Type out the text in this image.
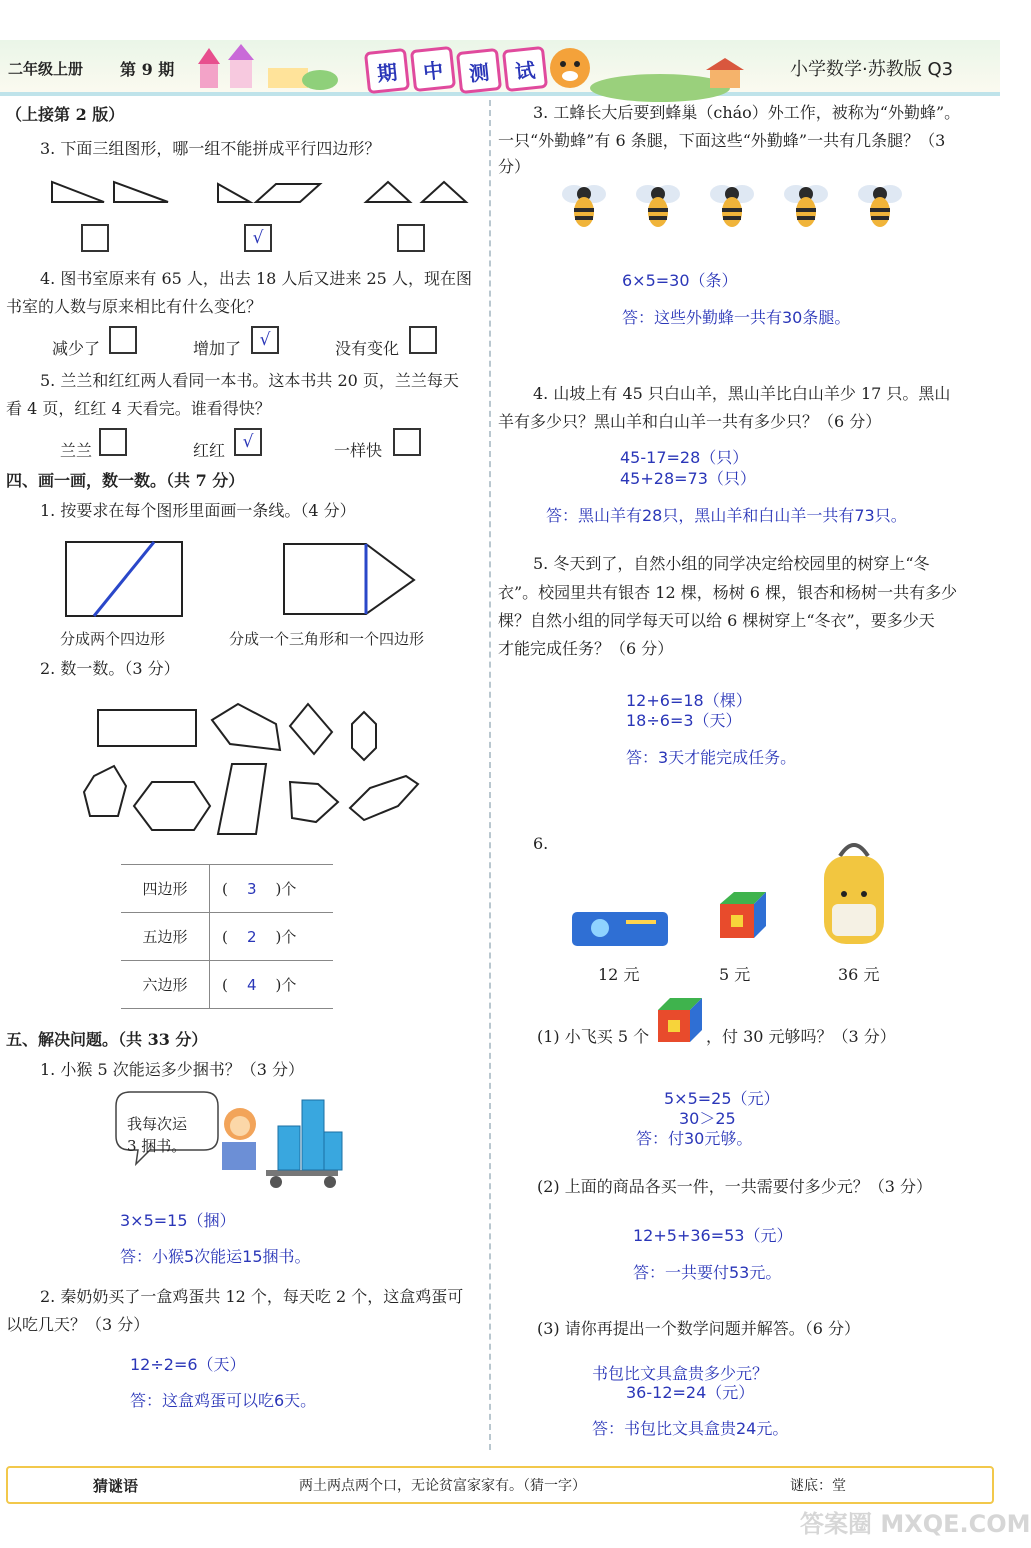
二年级上册 第 9 期	期	中	测	试	小学数学·苏教版 Q3
（上接第 2 版）
3. 下面三组图形，哪一组不能拼成平行四边形？
√
4. 图书室原来有 65 人，出去 18 人后又进来 25 人，现在图
书室的人数与原来相比有什么变化？
减少了	增加了	√	没有变化
5. 兰兰和红红两人看同一本书。这本书共 20 页，兰兰每天
看 4 页，红红 4 天看完。谁看得快？
兰兰	红红	√	一样快
四、画一画，数一数。（共 7 分）
1. 按要求在每个图形里面画一条线。（4 分）
分成两个四边形	分成一个三角形和一个四边形
2. 数一数。（3 分）
四边形	(    3    )个
五边形	(    2    )个
六边形	(    4    )个
五、解决问题。（共 33 分）
1. 小猴 5 次能运多少捆书？（3 分）
我每次运
3 捆书。
3×5=15（捆）
答：小猴5次能运15捆书。
2. 秦奶奶买了一盒鸡蛋共 12 个，每天吃 2 个，这盒鸡蛋可
以吃几天？（3 分）
12÷2=6（天）
答：这盒鸡蛋可以吃6天。
3. 工蜂长大后要到蜂巢（cháo）外工作，被称为“外勤蜂”。
一只“外勤蜂”有 6 条腿，下面这些“外勤蜂”一共有几条腿？（3
分）
6×5=30（条）
答：这些外勤蜂一共有30条腿。
4. 山坡上有 45 只白山羊，黑山羊比白山羊少 17 只。黑山
羊有多少只？黑山羊和白山羊一共有多少只？（6 分）
45-17=28（只）
45+28=73（只）
答：黑山羊有28只，黑山羊和白山羊一共有73只。
5. 冬天到了，自然小组的同学决定给校园里的树穿上“冬
衣”。校园里共有银杏 12 棵，杨树 6 棵，银杏和杨树一共有多少
棵？自然小组的同学每天可以给 6 棵树穿上“冬衣”，要多少天
才能完成任务？（6 分）
12+6=18（棵）
18÷6=3（天）
答：3天才能完成任务。
6.
12 元	5 元	36 元
(1) 小飞买 5 个	，付 30 元够吗？（3 分）
5×5=25（元）
30＞25
答：付30元够。
(2) 上面的商品各买一件，一共需要付多少元？（3 分）
12+5+36=53（元）
答：一共要付53元。
(3) 请你再提出一个数学问题并解答。（6 分）
书包比文具盒贵多少元？
36-12=24（元）
答：书包比文具盒贵24元。
猜谜语	两土两点两个口，无论贫富家家有。（猜一字）	谜底：堂
答案圈 MXQE.COM
